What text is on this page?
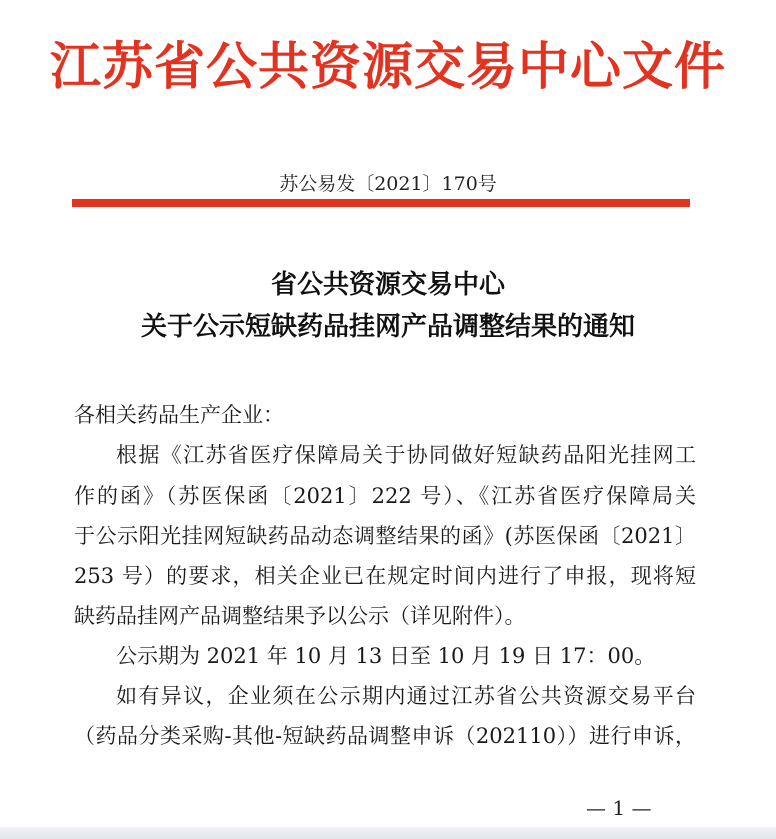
江苏省公共资源交易中心文件
苏公易发〔2021〕170号
省公共资源交易中心
关于公示短缺药品挂网产品调整结果的通知
各相关药品生产企业：
根据《江苏省医疗保障局关于协同做好短缺药品阳光挂网工
作的函》（苏医保函〔2021〕222 号）、《江苏省医疗保障局关
于公示阳光挂网短缺药品动态调整结果的函》(苏医保函〔2021〕
253 号）的要求，相关企业已在规定时间内进行了申报，现将短
缺药品挂网产品调整结果予以公示（详见附件）。
公示期为 2021 年 10 月 13 日至 10 月 19 日 17：00。
如有异议，企业须在公示期内通过江苏省公共资源交易平台
（药品分类采购-其他-短缺药品调整申诉（202110））进行申诉，
— 1 —
